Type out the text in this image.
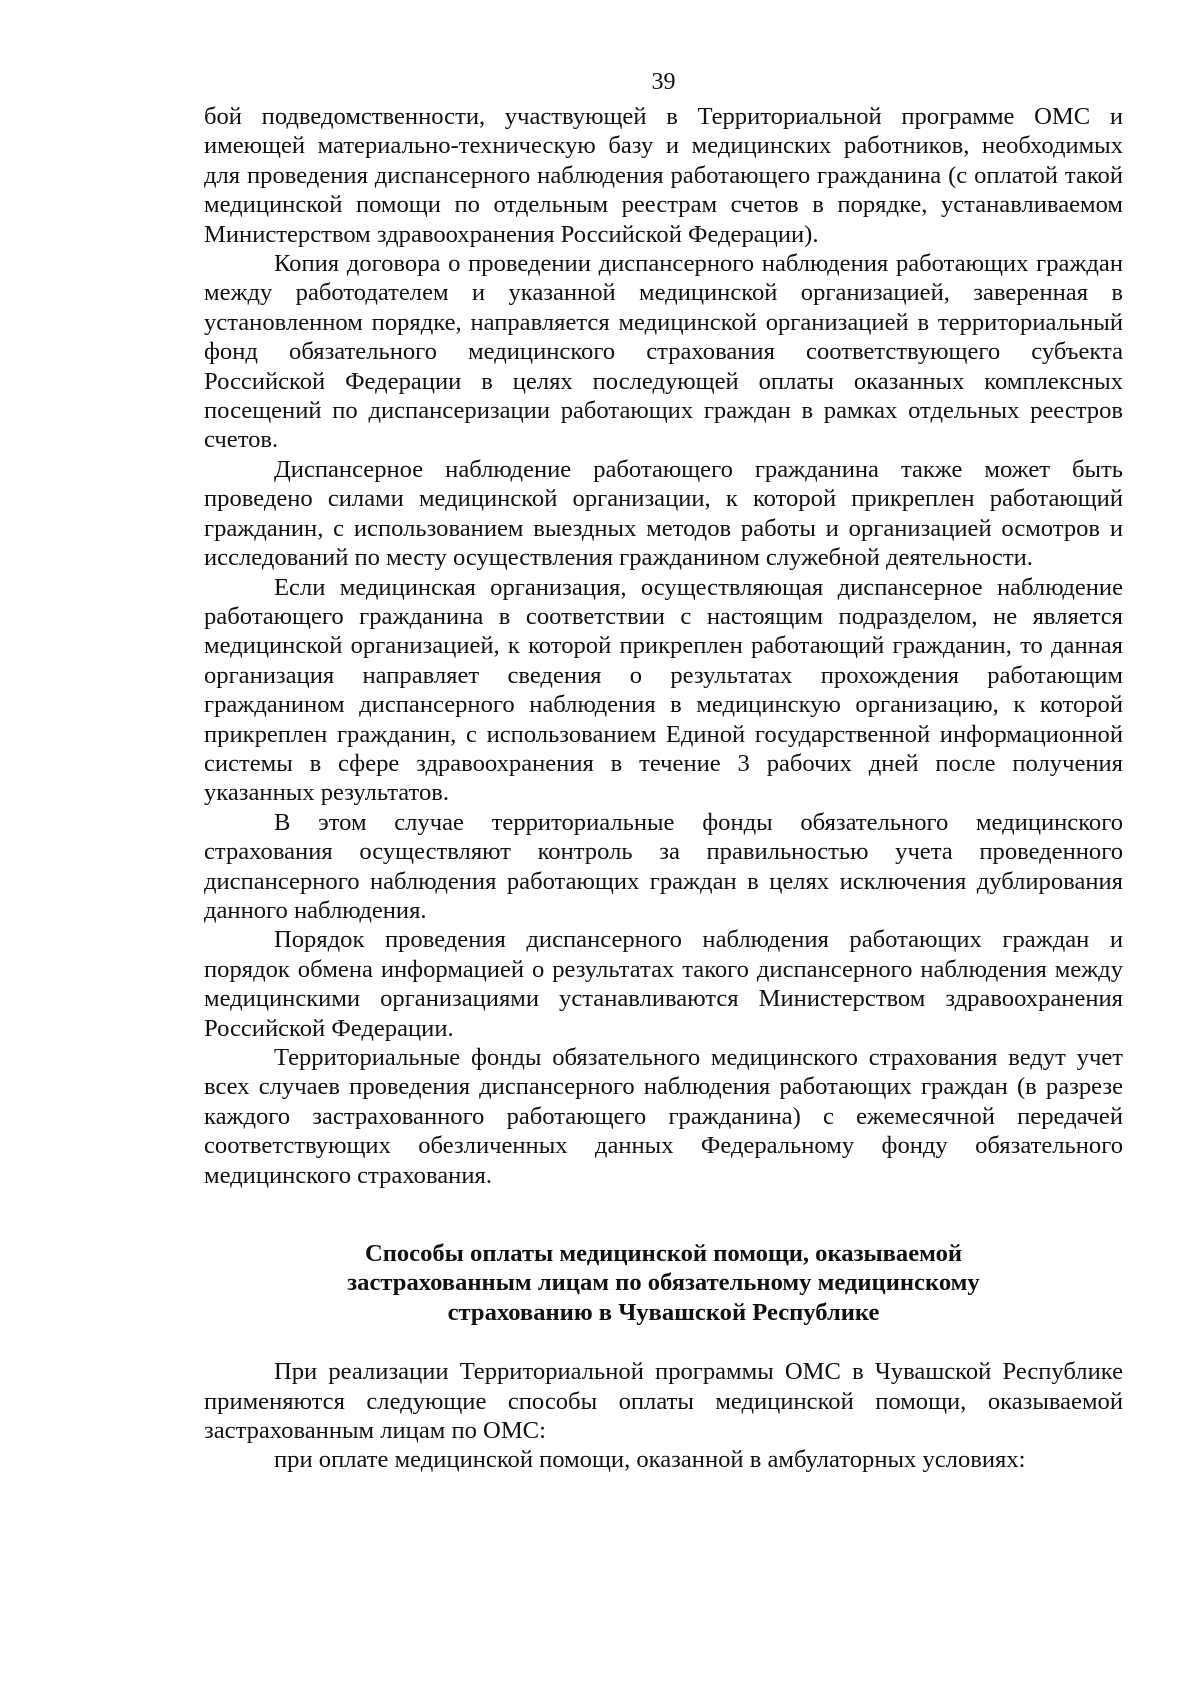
39

бой подведомственности, участвующей в Территориальной программе ОМС и имеющей материально-техническую базу и медицинских работников, необходимых для проведения диспансерного наблюдения работающего гражданина (с оплатой такой медицинской помощи по отдельным реестрам счетов в порядке, устанавливаемом Министерством здравоохранения Российской Федерации).

Копия договора о проведении диспансерного наблюдения работающих граждан между работодателем и указанной медицинской организацией, заверенная в установленном порядке, направляется медицинской организацией в территориальный фонд обязательного медицинского страхования соответствующего субъекта Российской Федерации в целях последующей оплаты оказанных комплексных посещений по диспансеризации работающих граждан в рамках отдельных реестров счетов.

Диспансерное наблюдение работающего гражданина также может быть проведено силами медицинской организации, к которой прикреплен работающий гражданин, с использованием выездных методов работы и организацией осмотров и исследований по месту осуществления гражданином служебной деятельности.

Если медицинская организация, осуществляющая диспансерное наблюдение работающего гражданина в соответствии с настоящим подразделом, не является медицинской организацией, к которой прикреплен работающий гражданин, то данная организация направляет сведения о результатах прохождения работающим гражданином диспансерного наблюдения в медицинскую организацию, к которой прикреплен гражданин, с использованием Единой государственной информационной системы в сфере здравоохранения в течение 3 рабочих дней после получения указанных результатов.

В этом случае территориальные фонды обязательного медицинского страхования осуществляют контроль за правильностью учета проведенного диспансерного наблюдения работающих граждан в целях исключения дублирования данного наблюдения.

Порядок проведения диспансерного наблюдения работающих граждан и порядок обмена информацией о результатах такого диспансерного наблюдения между медицинскими организациями устанавливаются Министерством здравоохранения Российской Федерации.

Территориальные фонды обязательного медицинского страхования ведут учет всех случаев проведения диспансерного наблюдения работающих граждан (в разрезе каждого застрахованного работающего гражданина) с ежемесячной передачей соответствующих обезличенных данных Федеральному фонду обязательного медицинского страхования.

Способы оплаты медицинской помощи, оказываемой
застрахованным лицам по обязательному медицинскому
страхованию в Чувашской Республике

При реализации Территориальной программы ОМС в Чувашской Республике применяются следующие способы оплаты медицинской помощи, оказываемой застрахованным лицам по ОМС:

при оплате медицинской помощи, оказанной в амбулаторных условиях:
